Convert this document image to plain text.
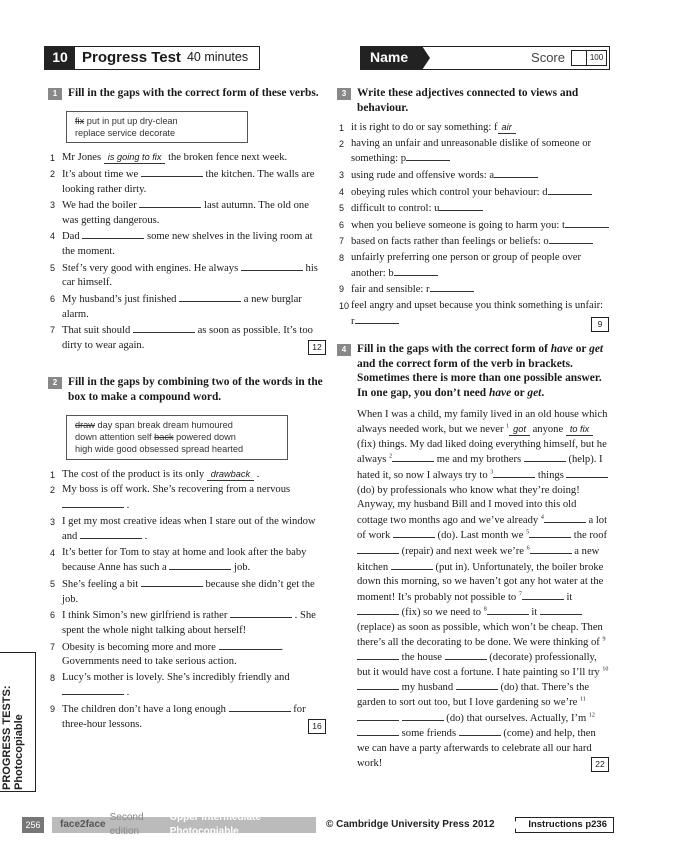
10 Progress Test 40 minutes	Name	Score	100
1 Fill in the gaps with the correct form of these verbs.
fix put in put up dry-clean
replace service decorate
1 Mr Jones is going to fix the broken fence next week.
2 It’s about time we	the kitchen. The walls are looking rather dirty.
3 We had the boiler	last autumn. The old one was getting dangerous.
4 Dad	some new shelves in the living room at the moment.
5 Stef’s very good with engines. He always	his car himself.
6 My husband’s just finished	a new burglar alarm.
7 That suit should	as soon as possible. It’s too dirty to wear again.	12
2 Fill in the gaps by combining two of the words in the box to make a compound word.
draw day span break dream humoured
down attention self back powered down
high wide good obsessed spread hearted
1 The cost of the product is its only drawback .
2 My boss is off work. She’s recovering from a nervous  .
3 I get my most creative ideas when I stare out of the window and	.
4 It’s better for Tom to stay at home and look after the baby because Anne has such a	job.
5 She’s feeling a bit	because she didn’t get the job.
6 I think Simon’s new girlfriend is rather	. She spent the whole night talking about herself!
7 Obesity is becoming more and more	. Governments need to take serious action.
8 Lucy’s mother is lovely. She’s incredibly friendly and  .
9 The children don’t have a long enough	for three-hour lessons.	16
3 Write these adjectives connected to views and behaviour.
1 it is right to do or say something: f air
2 having an unfair and unreasonable dislike of someone or something: p
3 using rude and offensive words: a
4 obeying rules which control your behaviour: d
5 difficult to control: u
6 when you believe someone is going to harm you: t
7 based on facts rather than feelings or beliefs: o
8 unfairly preferring one person or group of people over another: b
9 fair and sensible: r
10 feel angry and upset because you think something is unfair: r	9
4 Fill in the gaps with the correct form of have or get and the correct form of the verb in brackets. Sometimes there is more than one possible answer. In one gap, you don’t need have or get.
When I was a child, my family lived in an old house which always needed work, but we never $^1$ got anyone to fix (fix) things. My dad liked doing everything himself, but he always $^2$	me and my brothers	(help). I hated it, so now I always try to $^3$	things  (do) by professionals who know what they’re doing! Anyway, my husband Bill and I moved into this old cottage two months ago and we’ve already $^4$	a lot of work	(do). Last month we $^5$	the roof  (repair) and next week we’re $^6$	a new kitchen	(put in). Unfortunately, the boiler broke down this morning, so we haven’t got any hot water at the moment! It’s probably not possible to $^7$	it  (fix) so we need to $^8$	it  (replace) as soon as possible, which won’t be cheap. Then there’s all the decorating to be done. We were thinking of $^9$ the house	(decorate) professionally, but it would have cost a fortune. I hate painting so I’ll try $^{10}$ my husband	(do) that. There’s the garden to sort out too, but I love gardening so we’re $^{11}$  (do) that ourselves. Actually, I’m $^{12}$ some friends	(come) and help, then we can have a party afterwards to celebrate all our hard work!	22
PROGRESS TESTS: Photocopiable
256	face2face
Second edition
Upper Intermediate Photocopiable
© Cambridge University Press 2012	Instructions p236
